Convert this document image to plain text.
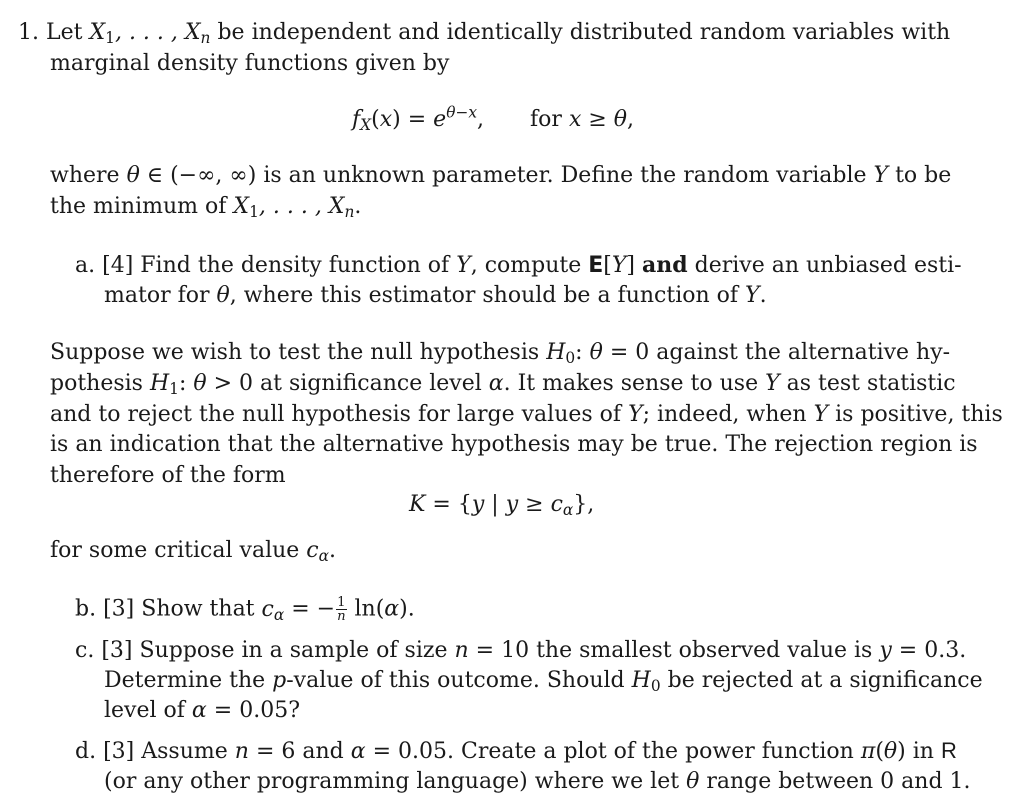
1. Let $X_1$, . . . , $X_n$ be independent and identically distributed random variables with
marginal density functions given by
$f_X(x) = e^{\theta-x}$, for x ≥ θ,
where θ ∈ (−∞, ∞) is an unknown parameter. Define the random variable Y to be
the minimum of $X_1$, . . . , $X_n$.
a. [4] Find the density function of Y, compute E[Y] and derive an unbiased esti-
mator for θ, where this estimator should be a function of Y.
Suppose we wish to test the null hypothesis $H_0$: θ = 0 against the alternative hy-
pothesis $H_1$: θ > 0 at significance level α. It makes sense to use Y as test statistic
and to reject the null hypothesis for large values of Y; indeed, when Y is positive, this
is an indication that the alternative hypothesis may be true. The rejection region is
therefore of the form
K = {y | $y \ge c_\alpha$},
for some critical value $c_\alpha$.
b. [3] Show that $c_\alpha$ = − $\frac{1}{n} \ln(\alpha)$.
c. [3] Suppose in a sample of size n = 10 the smallest observed value is y = 0.3.
Determine the p-value of this outcome. Should $H_0$ be rejected at a significance
level of α = 0.05?
d. [3] Assume n = 6 and α = 0.05. Create a plot of the power function π(θ) in R
(or any other programming language) where we let θ range between 0 and 1.
